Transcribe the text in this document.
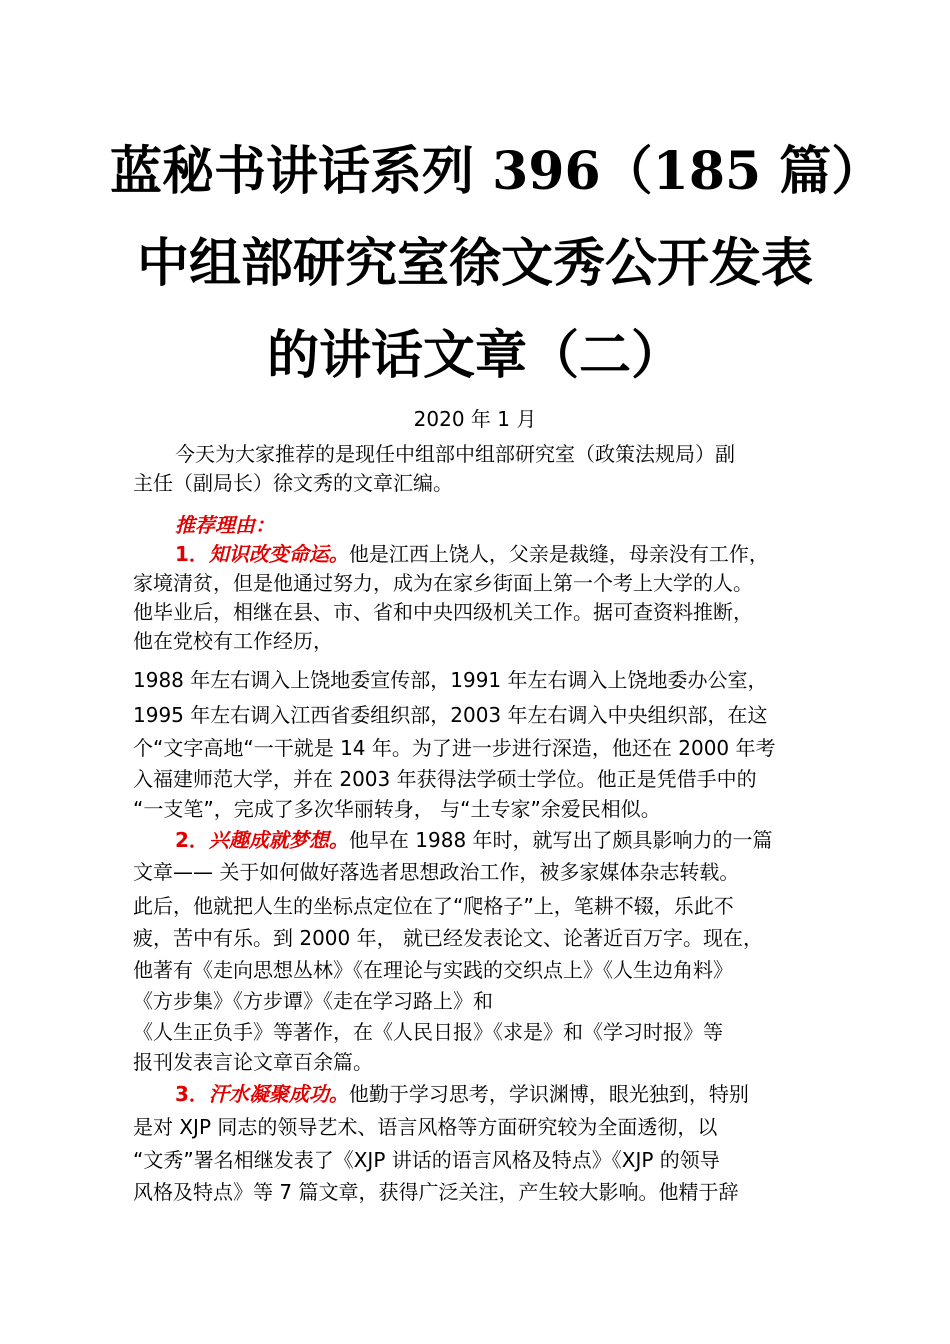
蓝秘书讲话系列 396（185 篇）
中组部研究室徐文秀公开发表
的讲话文章（二）
2020 年 1 月
今天为大家推荐的是现任中组部中组部研究室（政策法规局）副
主任（副局长）徐文秀的文章汇编。
推荐理由：
1．知识改变命运。他是江西上饶人，父亲是裁缝，母亲没有工作，
家境清贫，但是他通过努力，成为在家乡街面上第一个考上大学的人。
他毕业后，相继在县、市、省和中央四级机关工作。据可查资料推断，
他在党校有工作经历，
1988 年左右调入上饶地委宣传部，1991 年左右调入上饶地委办公室，
1995 年左右调入江西省委组织部，2003 年左右调入中央组织部，在这
个“文字高地“一干就是 14 年。为了进一步进行深造，他还在 2000 年考
入福建师范大学，并在 2003 年获得法学硕士学位。他正是凭借手中的
“一支笔”，完成了多次华丽转身， 与“土专家”余爱民相似。
2．兴趣成就梦想。他早在 1988 年时，就写出了颇具影响力的一篇
文章—— 关于如何做好落选者思想政治工作，被多家媒体杂志转载。
此后，他就把人生的坐标点定位在了“爬格子”上，笔耕不辍，乐此不
疲，苦中有乐。到 2000 年， 就已经发表论文、论著近百万字。现在，
他著有《走向思想丛林》《在理论与实践的交织点上》《人生边角料》
《方步集》《方步谭》《走在学习路上》和
《人生正负手》等著作，在《人民日报》《求是》和《学习时报》等
报刊发表言论文章百余篇。
3．汗水凝聚成功。他勤于学习思考，学识渊博，眼光独到，特别
是对 XJP 同志的领导艺术、语言风格等方面研究较为全面透彻，以
“文秀”署名相继发表了《XJP 讲话的语言风格及特点》《XJP 的领导
风格及特点》等 7 篇文章，获得广泛关注，产生较大影响。他精于辞
